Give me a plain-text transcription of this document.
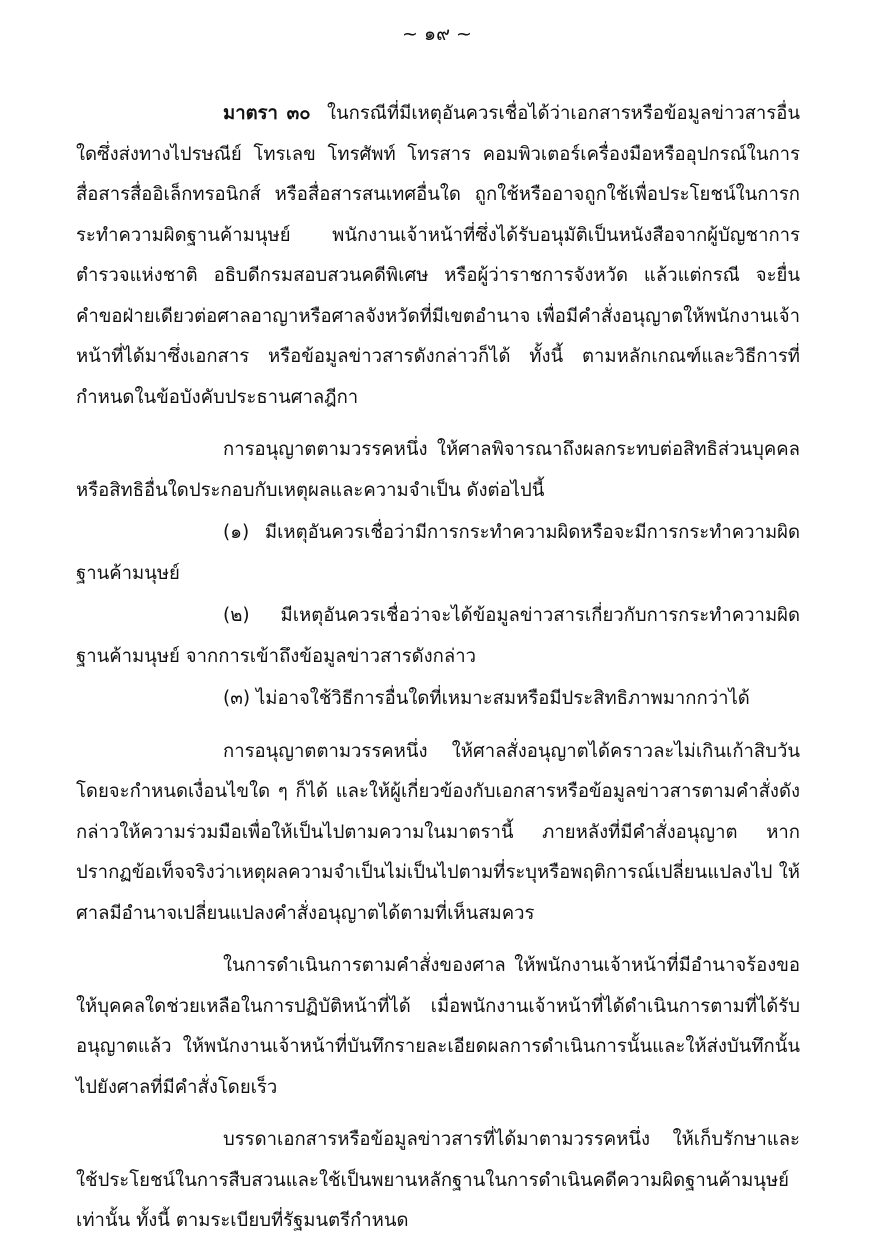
~ ๑๙ ~

มาตรา ๓๐ ในกรณีที่มีเหตุอันควรเชื่อได้ว่าเอกสารหรือข้อมูลข่าวสารอื่นใดซึ่งส่งทางไปรษณีย์ โทรเลข โทรศัพท์ โทรสาร คอมพิวเตอร์เครื่องมือหรืออุปกรณ์ในการสื่อสารสื่ออิเล็กทรอนิกส์ หรือสื่อสารสนเทศอื่นใด ถูกใช้หรืออาจถูกใช้เพื่อประโยชน์ในการกระทำความผิดฐานค้ามนุษย์ พนักงานเจ้าหน้าที่ซึ่งได้รับอนุมัติเป็นหนังสือจากผู้บัญชาการตำรวจแห่งชาติ อธิบดีกรมสอบสวนคดีพิเศษ หรือผู้ว่าราชการจังหวัด แล้วแต่กรณี จะยื่นคำขอฝ่ายเดียวต่อศาลอาญาหรือศาลจังหวัดที่มีเขตอำนาจ เพื่อมีคำสั่งอนุญาตให้พนักงานเจ้าหน้าที่ได้มาซึ่งเอกสาร หรือข้อมูลข่าวสารดังกล่าวก็ได้ ทั้งนี้ ตามหลักเกณฑ์และวิธีการที่กำหนดในข้อบังคับประธานศาลฎีกา

การอนุญาตตามวรรคหนึ่ง ให้ศาลพิจารณาถึงผลกระทบต่อสิทธิส่วนบุคคลหรือสิทธิอื่นใดประกอบกับเหตุผลและความจำเป็น ดังต่อไปนี้

(๑) มีเหตุอันควรเชื่อว่ามีการกระทำความผิดหรือจะมีการกระทำความผิดฐานค้ามนุษย์

(๒) มีเหตุอันควรเชื่อว่าจะได้ข้อมูลข่าวสารเกี่ยวกับการกระทำความผิดฐานค้ามนุษย์ จากการเข้าถึงข้อมูลข่าวสารดังกล่าว

(๓) ไม่อาจใช้วิธีการอื่นใดที่เหมาะสมหรือมีประสิทธิภาพมากกว่าได้

การอนุญาตตามวรรคหนึ่ง ให้ศาลสั่งอนุญาตได้คราวละไม่เกินเก้าสิบวันโดยจะกำหนดเงื่อนไขใด ๆ ก็ได้ และให้ผู้เกี่ยวข้องกับเอกสารหรือข้อมูลข่าวสารตามคำสั่งดังกล่าวให้ความร่วมมือเพื่อให้เป็นไปตามความในมาตรานี้ ภายหลังที่มีคำสั่งอนุญาต หากปรากฏข้อเท็จจริงว่าเหตุผลความจำเป็นไม่เป็นไปตามที่ระบุหรือพฤติการณ์เปลี่ยนแปลงไป ให้ศาลมีอำนาจเปลี่ยนแปลงคำสั่งอนุญาตได้ตามที่เห็นสมควร

ในการดำเนินการตามคำสั่งของศาล ให้พนักงานเจ้าหน้าที่มีอำนาจร้องขอให้บุคคลใดช่วยเหลือในการปฏิบัติหน้าที่ได้ เมื่อพนักงานเจ้าหน้าที่ได้ดำเนินการตามที่ได้รับอนุญาตแล้ว ให้พนักงานเจ้าหน้าที่บันทึกรายละเอียดผลการดำเนินการนั้นและให้ส่งบันทึกนั้นไปยังศาลที่มีคำสั่งโดยเร็ว

บรรดาเอกสารหรือข้อมูลข่าวสารที่ได้มาตามวรรคหนึ่ง ให้เก็บรักษาและใช้ประโยชน์ในการสืบสวนและใช้เป็นพยานหลักฐานในการดำเนินคดีความผิดฐานค้ามนุษย์เท่านั้น ทั้งนี้ ตามระเบียบที่รัฐมนตรีกำหนด
